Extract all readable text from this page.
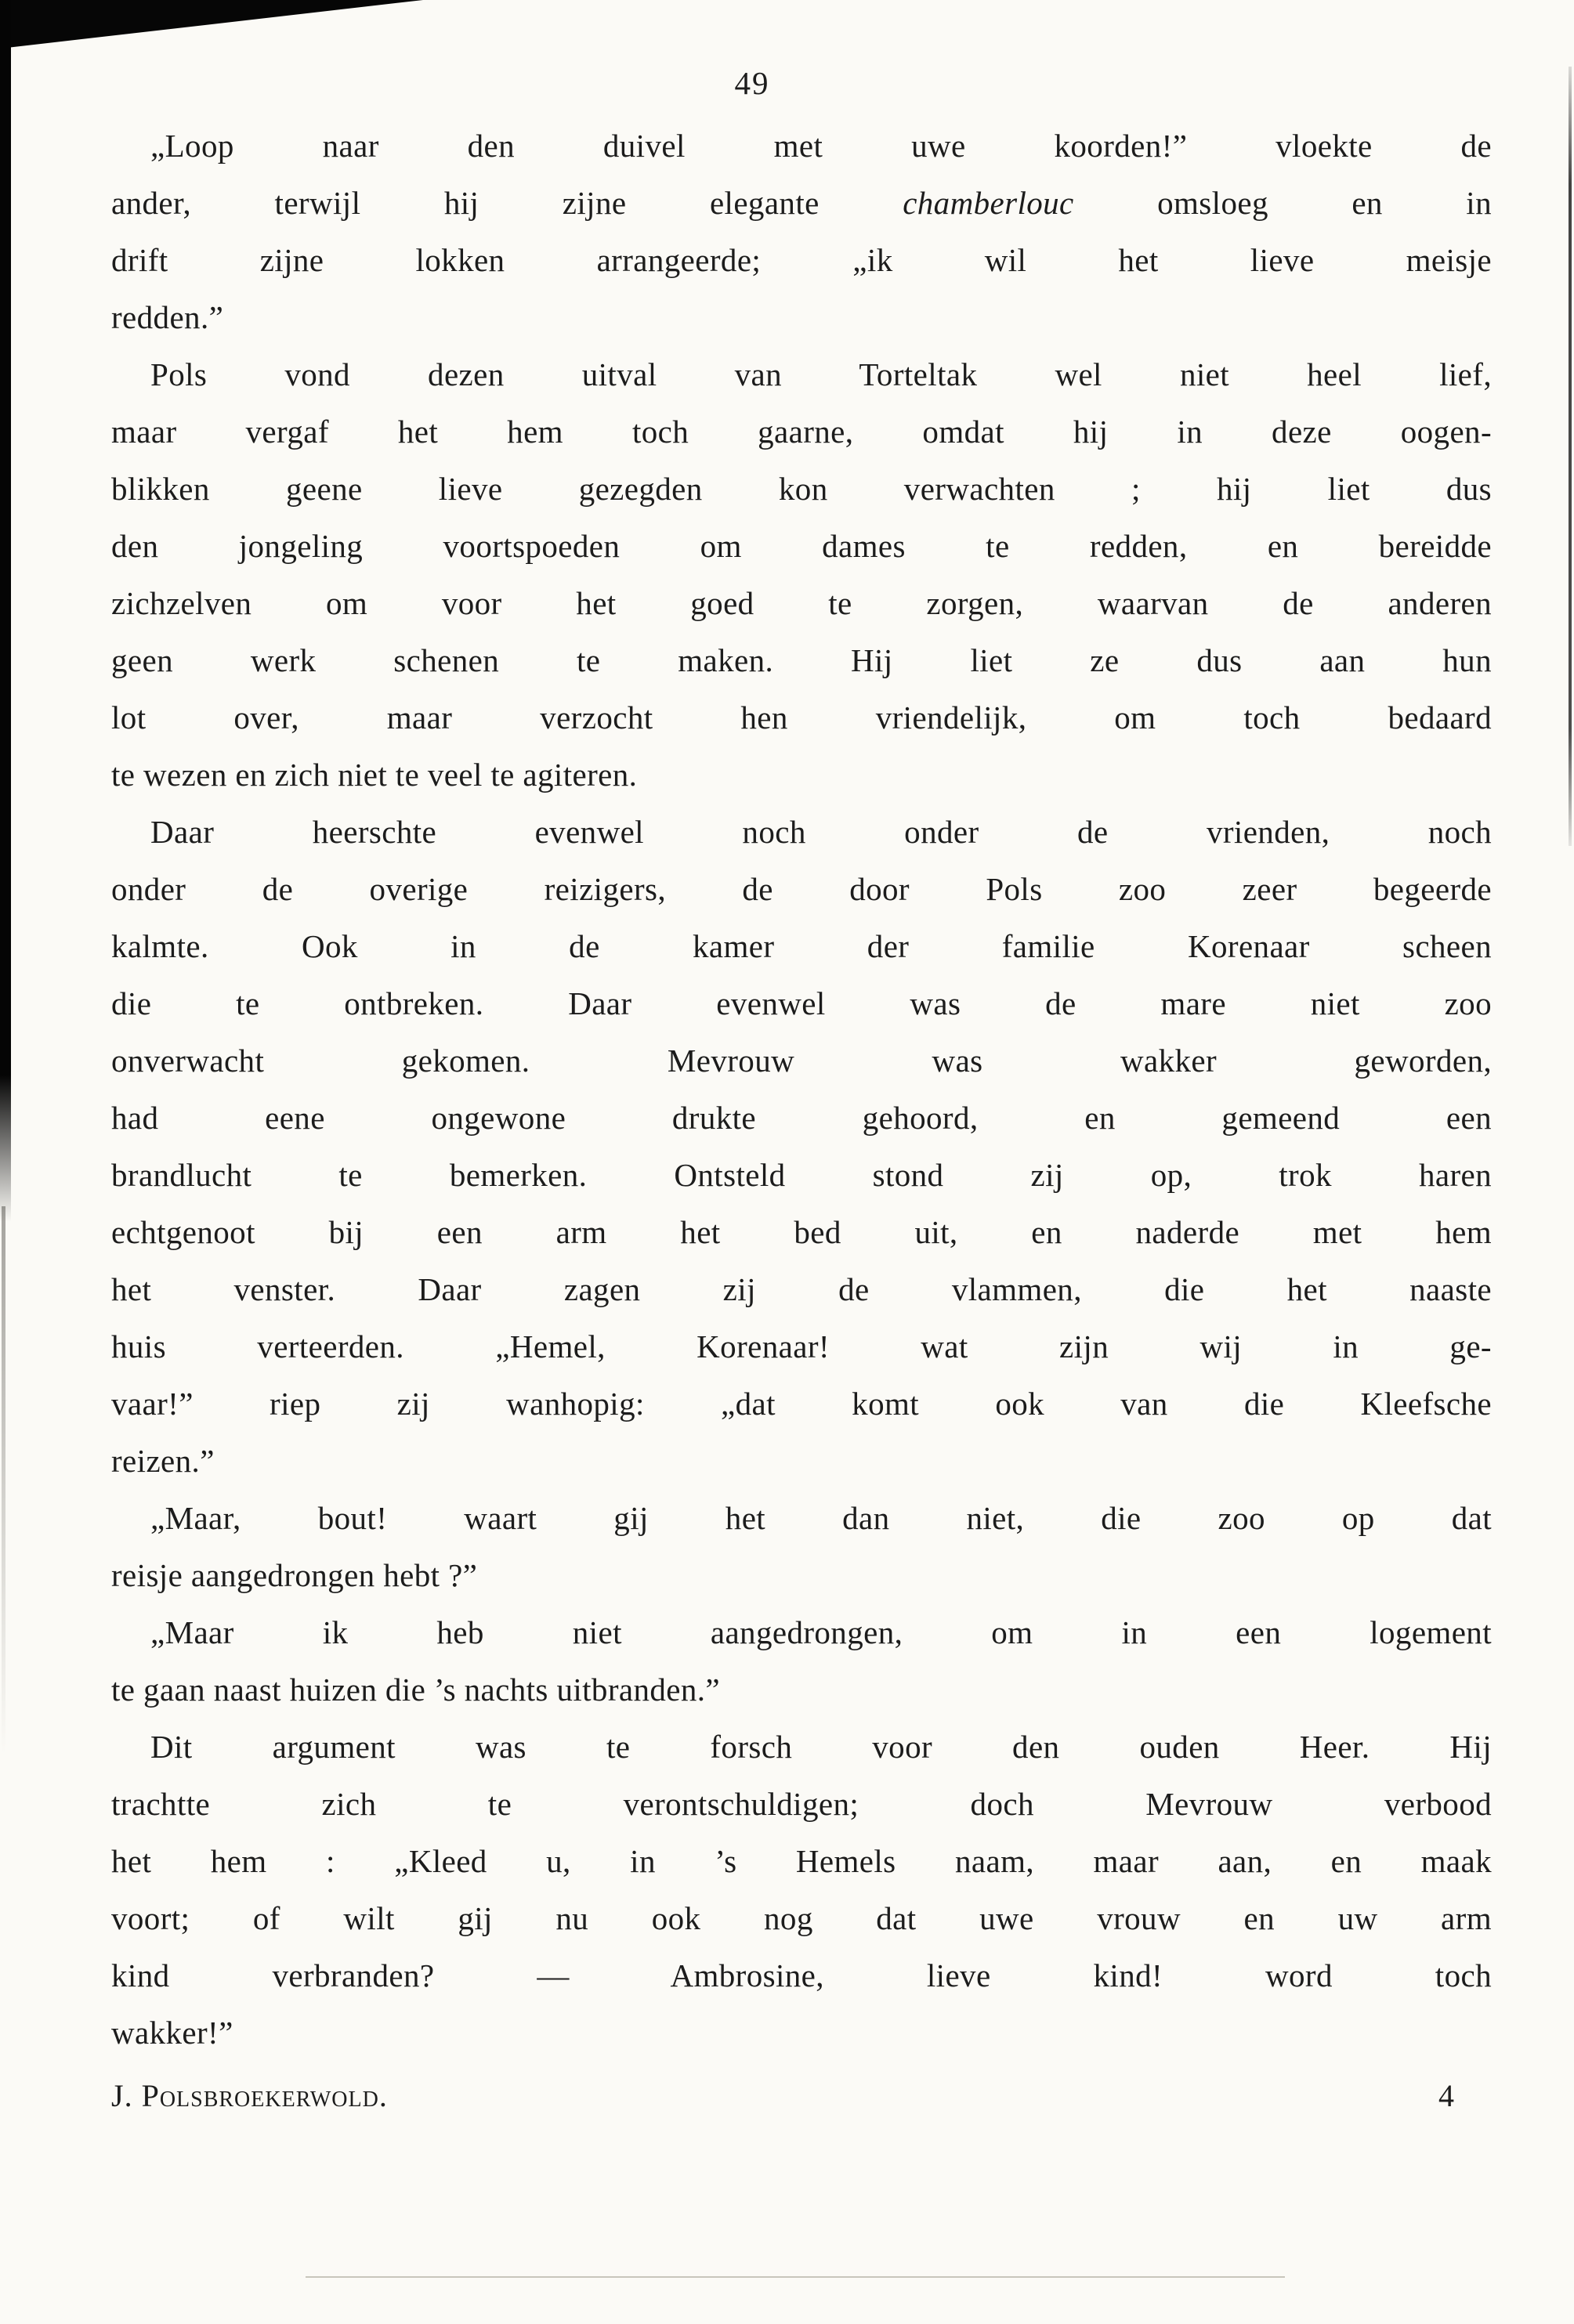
49
„Loop naar den duivel met uwe koorden!” vloekte de
ander, terwijl hij zijne elegante chamberlouc omsloeg en in
drift zijne lokken arrangeerde; „ik wil het lieve meisje
redden.”
Pols vond dezen uitval van Torteltak wel niet heel lief,
maar vergaf het hem toch gaarne, omdat hij in deze oogen-
blikken geene lieve gezegden kon verwachten ; hij liet dus
den jongeling voortspoeden om dames te redden, en bereidde
zichzelven om voor het goed te zorgen, waarvan de anderen
geen werk schenen te maken. Hij liet ze dus aan hun
lot over, maar verzocht hen vriendelijk, om toch bedaard
te wezen en zich niet te veel te agiteren.
Daar heerschte evenwel noch onder de vrienden, noch
onder de overige reizigers, de door Pols zoo zeer begeerde
kalmte. Ook in de kamer der familie Korenaar scheen
die te ontbreken. Daar evenwel was de mare niet zoo
onverwacht gekomen. Mevrouw was wakker geworden,
had eene ongewone drukte gehoord, en gemeend een
brandlucht te bemerken. Ontsteld stond zij op, trok haren
echtgenoot bij een arm het bed uit, en naderde met hem
het venster. Daar zagen zij de vlammen, die het naaste
huis verteerden. „Hemel, Korenaar! wat zijn wij in ge-
vaar!” riep zij wanhopig: „dat komt ook van die Kleefsche
reizen.”
„Maar, bout! waart gij het dan niet, die zoo op dat
reisje aangedrongen hebt ?”
„Maar ik heb niet aangedrongen, om in een logement
te gaan naast huizen die ’s nachts uitbranden.”
Dit argument was te forsch voor den ouden Heer. Hij
trachtte zich te verontschuldigen; doch Mevrouw verbood
het hem : „Kleed u, in ’s Hemels naam, maar aan, en maak
voort; of wilt gij nu ook nog dat uwe vrouw en uw arm
kind verbranden? — Ambrosine, lieve kind! word toch
wakker!”
J. Polsbroekerwold.	4
